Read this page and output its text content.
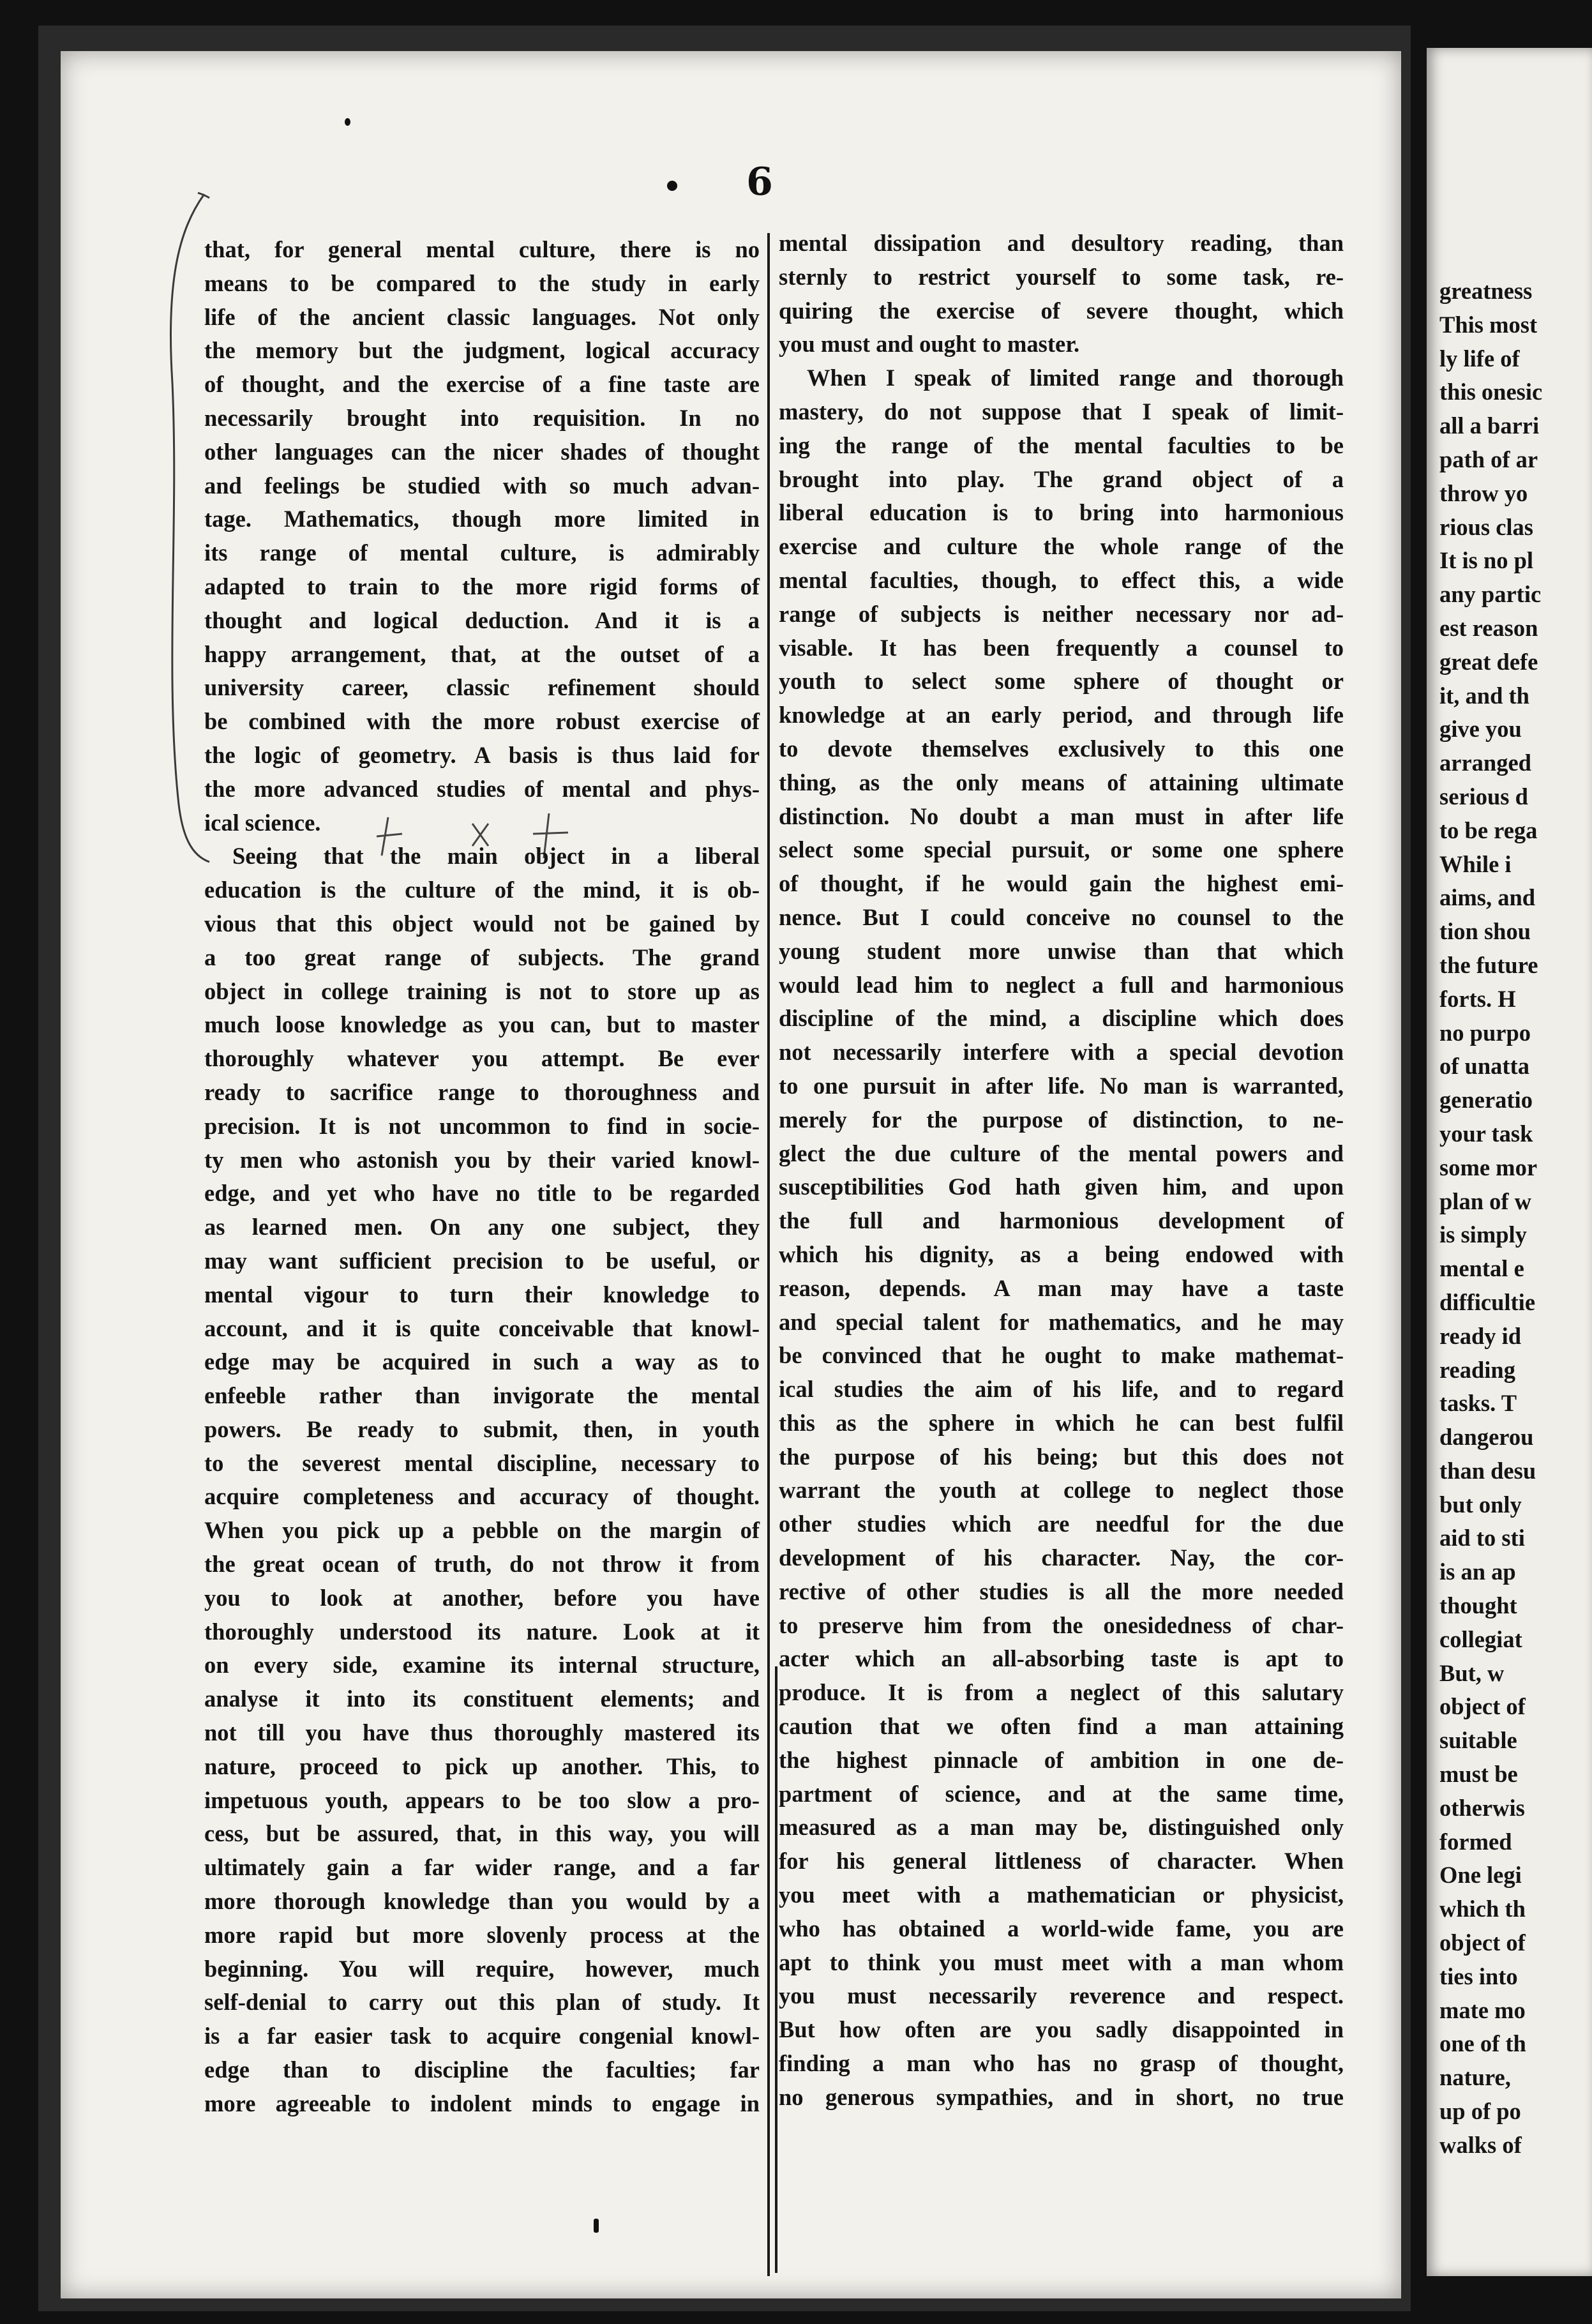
greatness
This most
ly life of
this onesic
all a barri
path of ar
throw yo
rious clas
It is no pl
any partic
est reason
great defe
it, and th
give you
arranged
serious d
to be rega
While i
aims, and
tion shou
the future
forts. H
no purpo
of unatta
generatio
your task
some mor
plan of w
is simply
mental e
difficultie
ready id
reading
tasks. T
dangerou
than desu
but only
aid to sti
is an ap
thought
collegiat
But, w
object of
suitable
must be
otherwis
formed
One legi
which th
object of
ties into
mate mo
one of th
nature,
up of po
walks of
6
that, for general mental culture, there is no
means to be compared to the study in early
life of the ancient classic languages. Not only
the memory but the judgment, logical accuracy
of thought, and the exercise of a fine taste are
necessarily brought into requisition. In no
other languages can the nicer shades of thought
and feelings be studied with so much advan-
tage. Mathematics, though more limited in
its range of mental culture, is admirably
adapted to train to the more rigid forms of
thought and logical deduction. And it is a
happy arrangement, that, at the outset of a
university career, classic refinement should
be combined with the more robust exercise of
the logic of geometry. A basis is thus laid for
the more advanced studies of mental and phys-
ical science.
Seeing that the main object in a liberal
education is the culture of the mind, it is ob-
vious that this object would not be gained by
a too great range of subjects. The grand
object in college training is not to store up as
much loose knowledge as you can, but to master
thoroughly whatever you attempt. Be ever
ready to sacrifice range to thoroughness and
precision. It is not uncommon to find in socie-
ty men who astonish you by their varied knowl-
edge, and yet who have no title to be regarded
as learned men. On any one subject, they
may want sufficient precision to be useful, or
mental vigour to turn their knowledge to
account, and it is quite conceivable that knowl-
edge may be acquired in such a way as to
enfeeble rather than invigorate the mental
powers. Be ready to submit, then, in youth
to the severest mental discipline, necessary to
acquire completeness and accuracy of thought.
When you pick up a pebble on the margin of
the great ocean of truth, do not throw it from
you to look at another, before you have
thoroughly understood its nature. Look at it
on every side, examine its internal structure,
analyse it into its constituent elements; and
not till you have thus thoroughly mastered its
nature, proceed to pick up another. This, to
impetuous youth, appears to be too slow a pro-
cess, but be assured, that, in this way, you will
ultimately gain a far wider range, and a far
more thorough knowledge than you would by a
more rapid but more slovenly process at the
beginning. You will require, however, much
self-denial to carry out this plan of study. It
is a far easier task to acquire congenial knowl-
edge than to discipline the faculties; far
more agreeable to indolent minds to engage in
mental dissipation and desultory reading, than
sternly to restrict yourself to some task, re-
quiring the exercise of severe thought, which
you must and ought to master.
When I speak of limited range and thorough
mastery, do not suppose that I speak of limit-
ing the range of the mental faculties to be
brought into play. The grand object of a
liberal education is to bring into harmonious
exercise and culture the whole range of the
mental faculties, though, to effect this, a wide
range of subjects is neither necessary nor ad-
visable. It has been frequently a counsel to
youth to select some sphere of thought or
knowledge at an early period, and through life
to devote themselves exclusively to this one
thing, as the only means of attaining ultimate
distinction. No doubt a man must in after life
select some special pursuit, or some one sphere
of thought, if he would gain the highest emi-
nence. But I could conceive no counsel to the
young student more unwise than that which
would lead him to neglect a full and harmonious
discipline of the mind, a discipline which does
not necessarily interfere with a special devotion
to one pursuit in after life. No man is warranted,
merely for the purpose of distinction, to ne-
glect the due culture of the mental powers and
susceptibilities God hath given him, and upon
the full and harmonious development of
which his dignity, as a being endowed with
reason, depends. A man may have a taste
and special talent for mathematics, and he may
be convinced that he ought to make mathemat-
ical studies the aim of his life, and to regard
this as the sphere in which he can best fulfil
the purpose of his being; but this does not
warrant the youth at college to neglect those
other studies which are needful for the due
development of his character. Nay, the cor-
rective of other studies is all the more needed
to preserve him from the onesidedness of char-
acter which an all-absorbing taste is apt to
produce. It is from a neglect of this salutary
caution that we often find a man attaining
the highest pinnacle of ambition in one de-
partment of science, and at the same time,
measured as a man may be, distinguished only
for his general littleness of character. When
you meet with a mathematician or physicist,
who has obtained a world-wide fame, you are
apt to think you must meet with a man whom
you must necessarily reverence and respect.
But how often are you sadly disappointed in
finding a man who has no grasp of thought,
no generous sympathies, and in short, no true
